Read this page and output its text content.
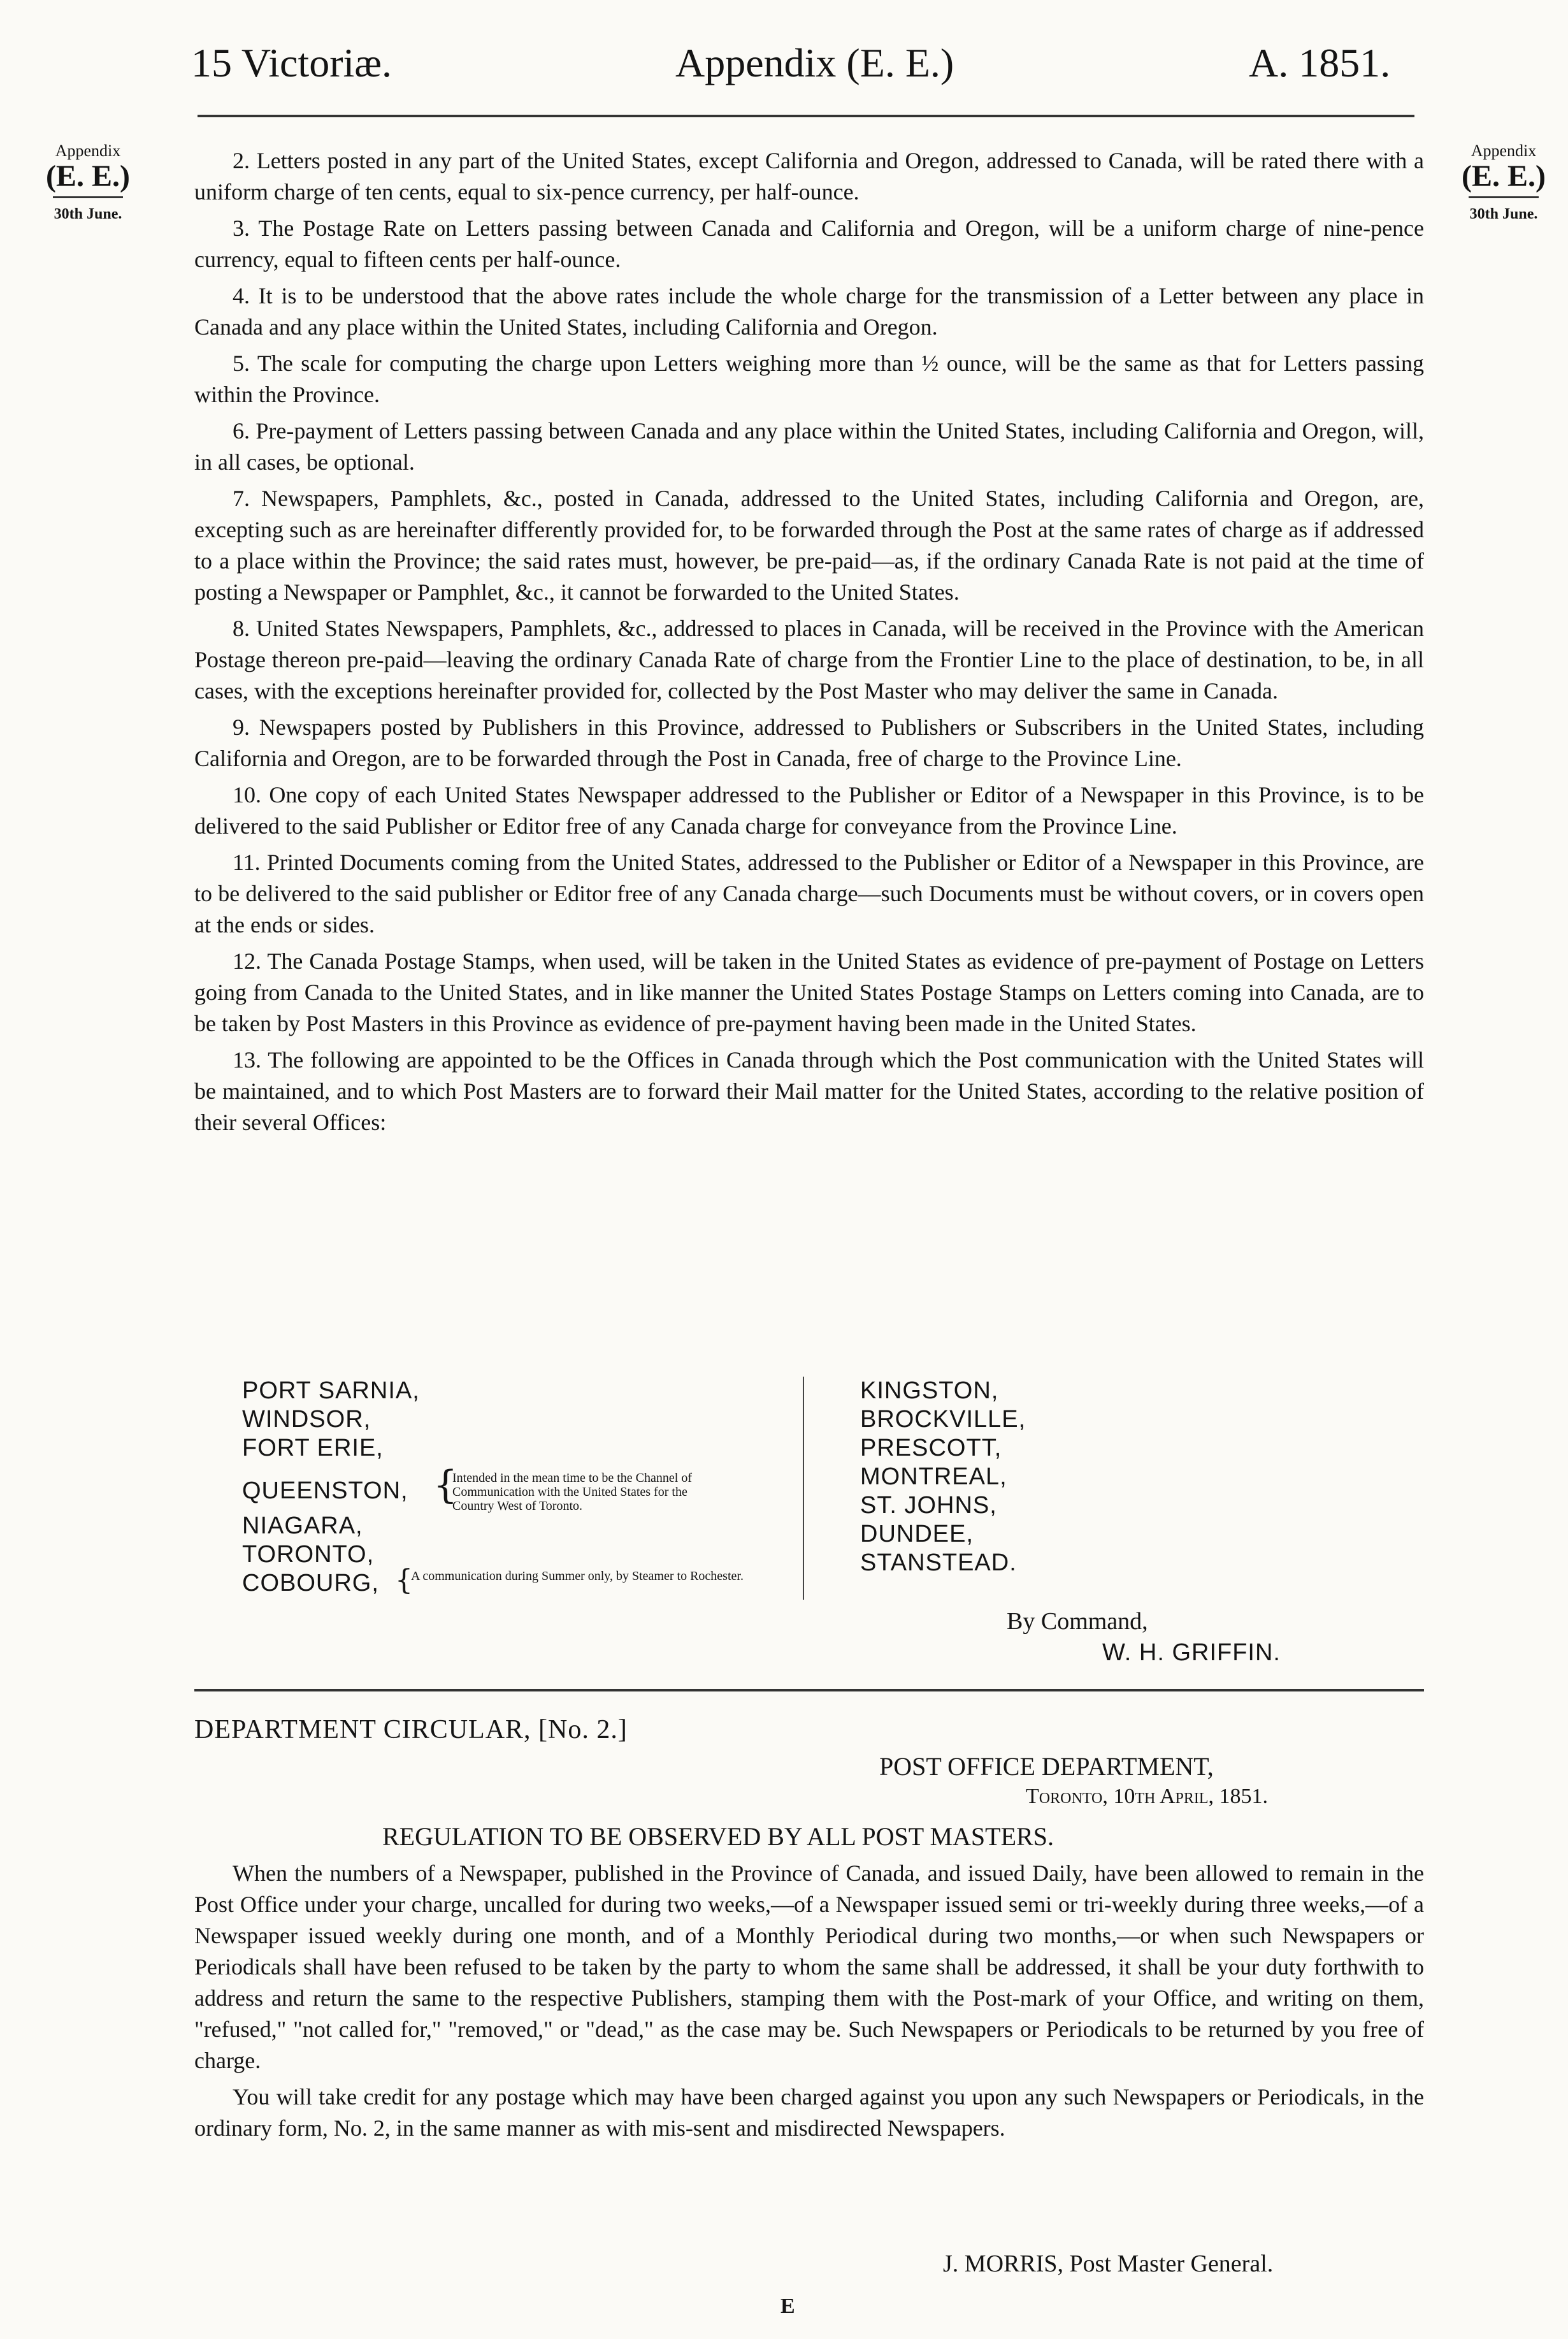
15 Victoriæ.	Appendix (E. E.)	A. 1851.
Appendix
(E. E.)
30th June.
Appendix
(E. E.)
30th June.

2. Letters posted in any part of the United States, except California and Oregon, addressed to Canada, will be rated there with a uniform charge of ten cents, equal to six-pence currency, per half-ounce.

3. The Postage Rate on Letters passing between Canada and California and Oregon, will be a uniform charge of nine-pence currency, equal to fifteen cents per half-ounce.

4. It is to be understood that the above rates include the whole charge for the transmission of a Letter between any place in Canada and any place within the United States, including California and Oregon.

5. The scale for computing the charge upon Letters weighing more than ½ ounce, will be the same as that for Letters passing within the Province.

6. Pre-payment of Letters passing between Canada and any place within the United States, including California and Oregon, will, in all cases, be optional.

7. Newspapers, Pamphlets, &c., posted in Canada, addressed to the United States, including California and Oregon, are, excepting such as are hereinafter differently provided for, to be forwarded through the Post at the same rates of charge as if addressed to a place within the Province; the said rates must, however, be pre-paid—as, if the ordinary Canada Rate is not paid at the time of posting a Newspaper or Pamphlet, &c., it cannot be forwarded to the United States.

8. United States Newspapers, Pamphlets, &c., addressed to places in Canada, will be received in the Province with the American Postage thereon pre-paid—leaving the ordinary Canada Rate of charge from the Frontier Line to the place of destination, to be, in all cases, with the exceptions hereinafter provided for, collected by the Post Master who may deliver the same in Canada.

9. Newspapers posted by Publishers in this Province, addressed to Publishers or Subscribers in the United States, including California and Oregon, are to be forwarded through the Post in Canada, free of charge to the Province Line.

10. One copy of each United States Newspaper addressed to the Publisher or Editor of a Newspaper in this Province, is to be delivered to the said Publisher or Editor free of any Canada charge for conveyance from the Province Line.

11. Printed Documents coming from the United States, addressed to the Publisher or Editor of a Newspaper in this Province, are to be delivered to the said publisher or Editor free of any Canada charge—such Documents must be without covers, or in covers open at the ends or sides.

12. The Canada Postage Stamps, when used, will be taken in the United States as evidence of pre-payment of Postage on Letters going from Canada to the United States, and in like manner the United States Postage Stamps on Letters coming into Canada, are to be taken by Post Masters in this Province as evidence of pre-payment having been made in the United States.

13. The following are appointed to be the Offices in Canada through which the Post communication with the United States will be maintained, and to which Post Masters are to forward their Mail matter for the United States, according to the relative position of their several Offices:

PORT SARNIA,
WINDSOR,
FORT ERIE,
QUEENSTON,
NIAGARA,
TORONTO,
COBOURG,
{
Intended in the mean time to be the Channel of Communication with the United States for the Country West of Toronto.
{
A communication during Summer only, by Steamer to Rochester.
KINGSTON,
BROCKVILLE,
PRESCOTT,
MONTREAL,
ST. JOHNS,
DUNDEE,
STANSTEAD.
By Command,
W. H. GRIFFIN.
DEPARTMENT CIRCULAR, [No. 2.]
POST OFFICE DEPARTMENT,
Toronto, 10th April, 1851.
REGULATION TO BE OBSERVED BY ALL POST MASTERS.

When the numbers of a Newspaper, published in the Province of Canada, and issued Daily, have been allowed to remain in the Post Office under your charge, uncalled for during two weeks,—of a Newspaper issued semi or tri-weekly during three weeks,—of a Newspaper issued weekly during one month, and of a Monthly Periodical during two months,—or when such Newspapers or Periodicals shall have been refused to be taken by the party to whom the same shall be addressed, it shall be your duty forthwith to address and return the same to the respective Publishers, stamping them with the Post-mark of your Office, and writing on them, "refused," "not called for," "removed," or "dead," as the case may be. Such Newspapers or Periodicals to be returned by you free of charge.

You will take credit for any postage which may have been charged against you upon any such Newspapers or Periodicals, in the ordinary form, No. 2, in the same manner as with mis-sent and misdirected Newspapers.

J. MORRIS, Post Master General.
E
